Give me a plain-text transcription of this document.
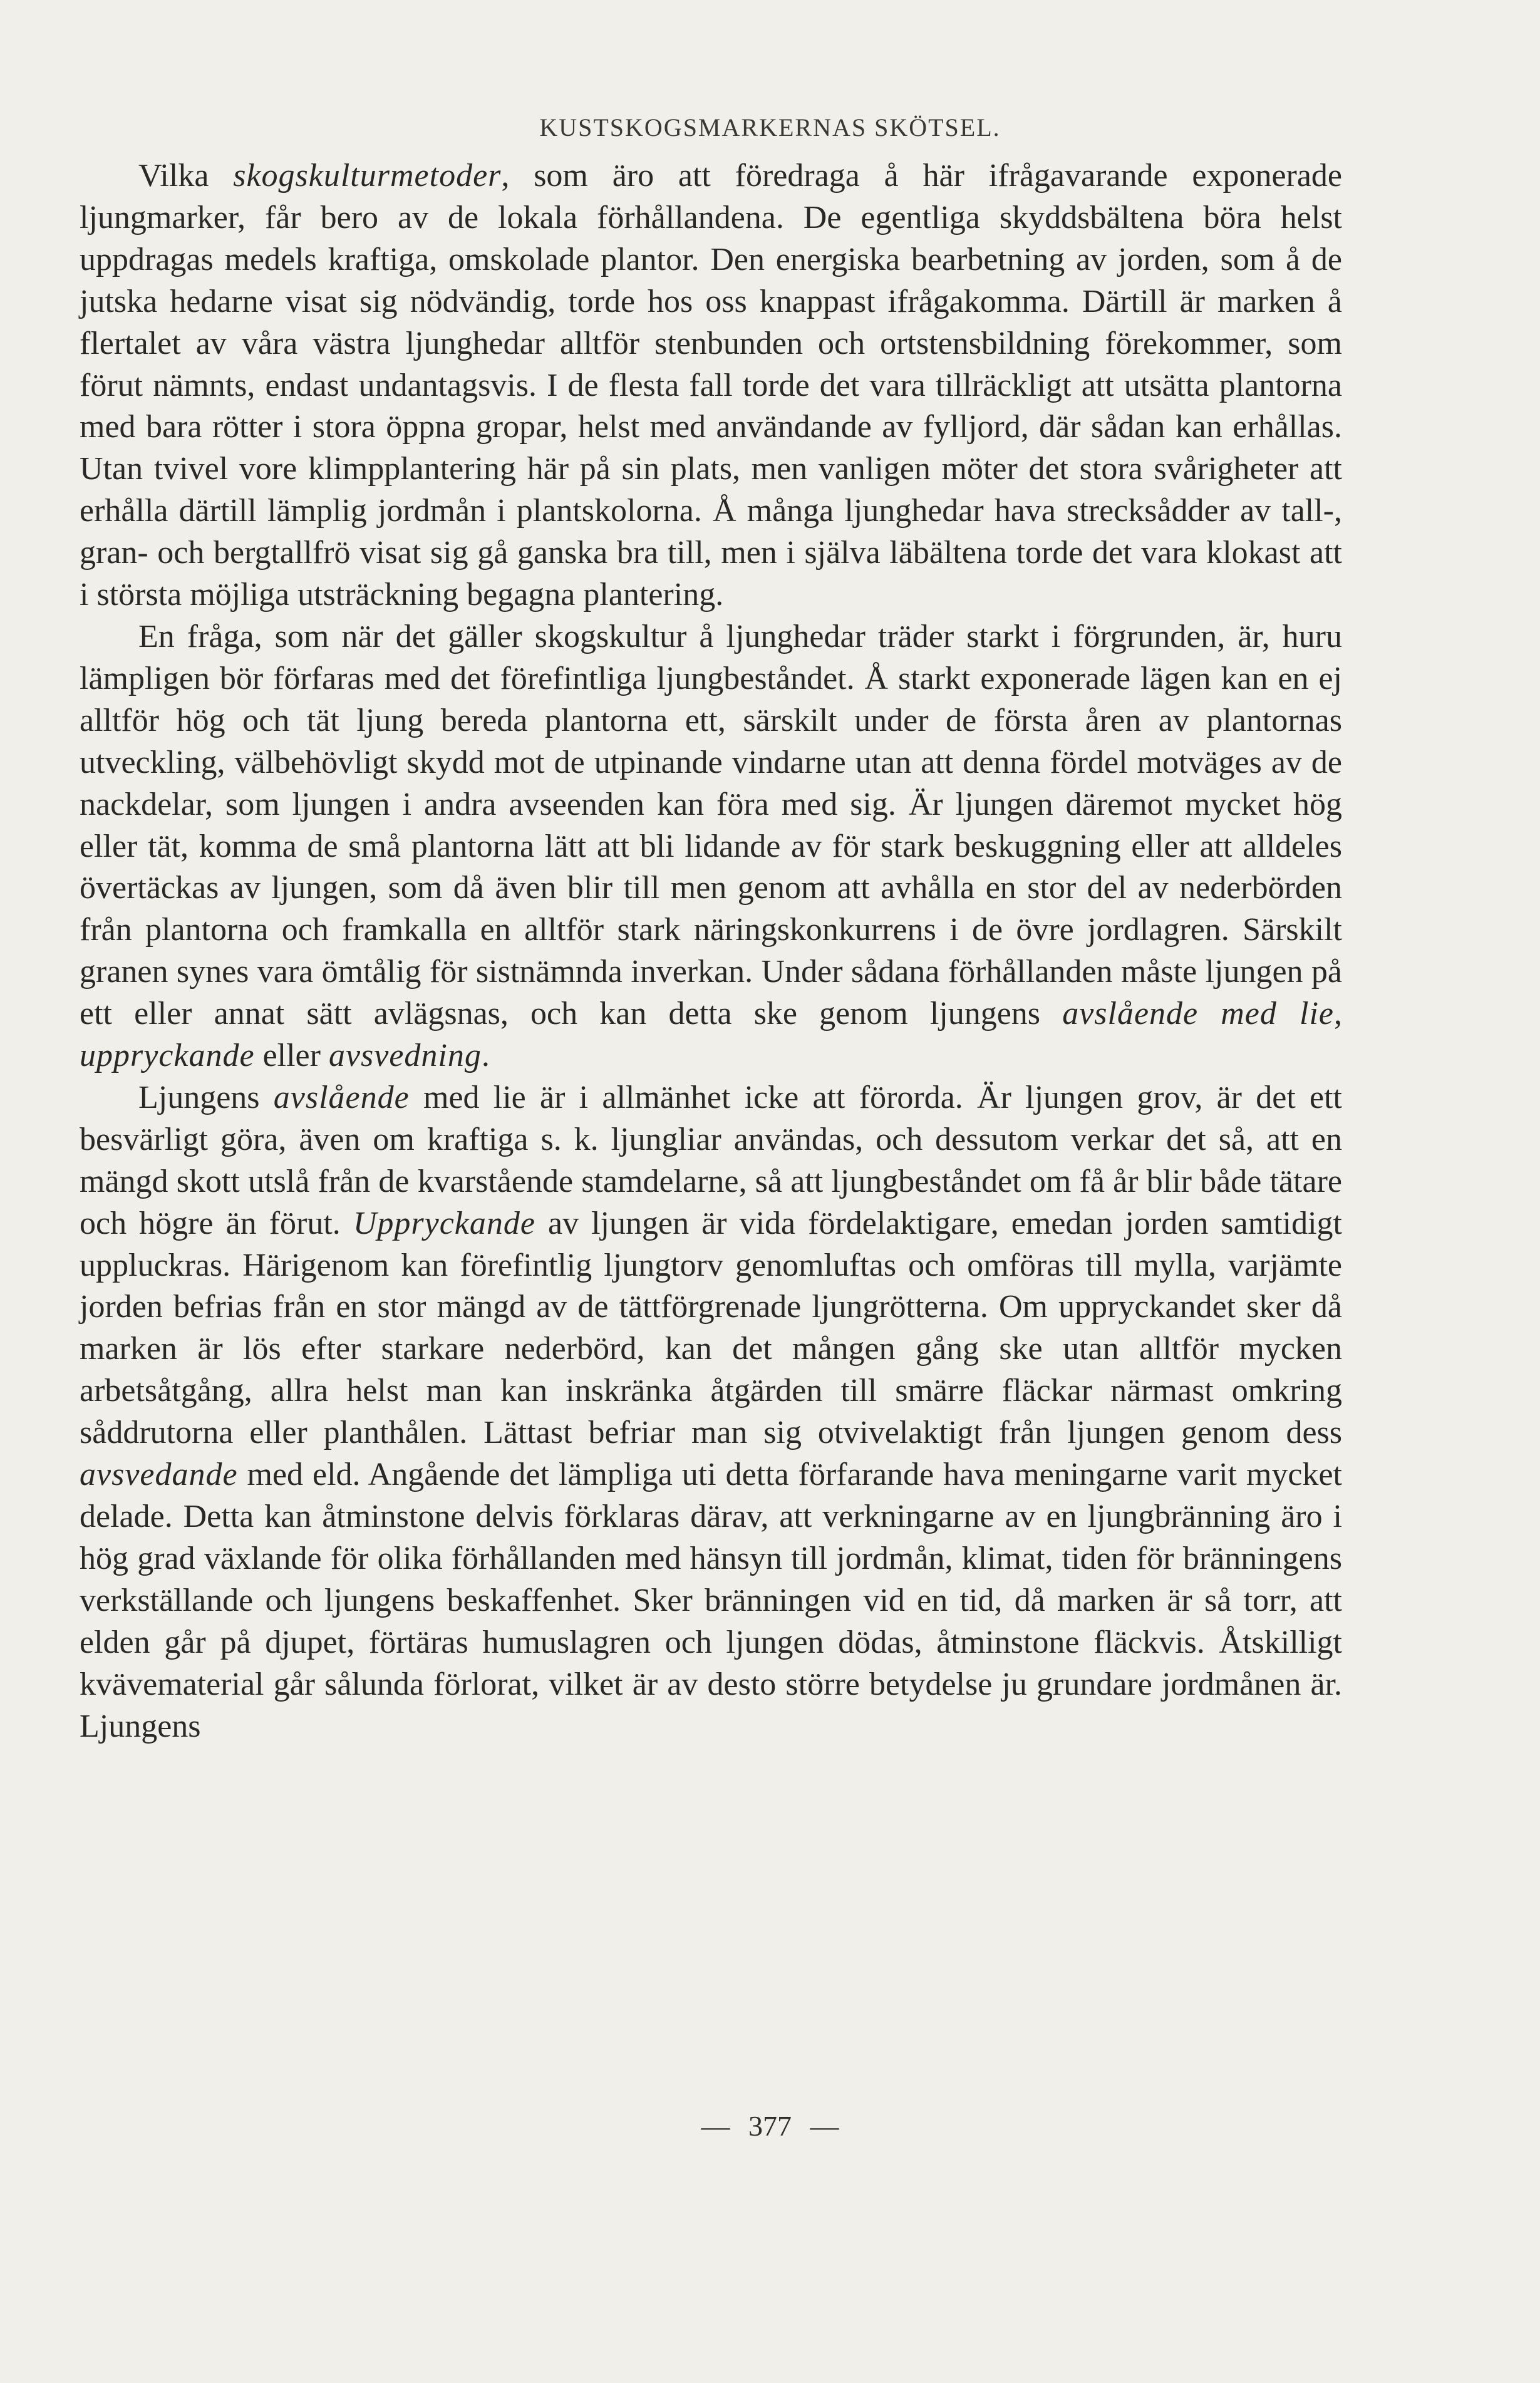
KUSTSKOGSMARKERNAS SKÖTSEL.

Vilka skogskulturmetoder, som äro att föredraga å här ifrågavarande exponerade ljungmarker, får bero av de lokala förhållandena. De egentliga skyddsbältena böra helst uppdragas medels kraftiga, omskolade plantor. Den energiska bearbetning av jorden, som å de jutska hedarne visat sig nödvändig, torde hos oss knappast ifrågakomma. Därtill är marken å flertalet av våra västra ljunghedar alltför stenbunden och ortstensbildning förekommer, som förut nämnts, endast undantagsvis. I de flesta fall torde det vara tillräckligt att utsätta plantorna med bara rötter i stora öppna gropar, helst med användande av fylljord, där sådan kan erhållas. Utan tvivel vore klimpplantering här på sin plats, men vanligen möter det stora svårigheter att erhålla därtill lämplig jordmån i plantskolorna. Å många ljunghedar hava strecksådder av tall-, gran- och bergtallfrö visat sig gå ganska bra till, men i själva läbältena torde det vara klokast att i största möjliga utsträckning begagna plantering.

En fråga, som när det gäller skogskultur å ljunghedar träder starkt i förgrunden, är, huru lämpligen bör förfaras med det förefintliga ljungbeståndet. Å starkt exponerade lägen kan en ej alltför hög och tät ljung bereda plantorna ett, särskilt under de första åren av plantornas utveckling, välbehövligt skydd mot de utpinande vindarne utan att denna fördel motväges av de nackdelar, som ljungen i andra avseenden kan föra med sig. Är ljungen däremot mycket hög eller tät, komma de små plantorna lätt att bli lidande av för stark beskuggning eller att alldeles övertäckas av ljungen, som då även blir till men genom att avhålla en stor del av nederbörden från plantorna och framkalla en alltför stark näringskonkurrens i de övre jordlagren. Särskilt granen synes vara ömtålig för sistnämnda inverkan. Under sådana förhållanden måste ljungen på ett eller annat sätt avlägsnas, och kan detta ske genom ljungens avslående med lie, uppryckande eller avsvedning.

Ljungens avslående med lie är i allmänhet icke att förorda. Är ljungen grov, är det ett besvärligt göra, även om kraftiga s. k. ljungliar användas, och dessutom verkar det så, att en mängd skott utslå från de kvarstående stamdelarne, så att ljungbeståndet om få år blir både tätare och högre än förut. Uppryckande av ljungen är vida fördelaktigare, emedan jorden samtidigt uppluckras. Härigenom kan förefintlig ljungtorv genomluftas och omföras till mylla, varjämte jorden befrias från en stor mängd av de tättförgrenade ljungrötterna. Om uppryckandet sker då marken är lös efter starkare nederbörd, kan det mången gång ske utan alltför mycken arbetsåtgång, allra helst man kan inskränka åtgärden till smärre fläckar närmast omkring såddrutorna eller planthålen. Lättast befriar man sig otvivelaktigt från ljungen genom dess avsvedande med eld. Angående det lämpliga uti detta förfarande hava meningarne varit mycket delade. Detta kan åtminstone delvis förklaras därav, att verkningarne av en ljungbränning äro i hög grad växlande för olika förhållanden med hänsyn till jordmån, klimat, tiden för bränningens verkställande och ljungens beskaffenhet. Sker bränningen vid en tid, då marken är så torr, att elden går på djupet, förtäras humuslagren och ljungen dödas, åtminstone fläckvis. Åtskilligt kvävematerial går sålunda förlorat, vilket är av desto större betydelse ju grundare jordmånen är. Ljungens

— 377 —
